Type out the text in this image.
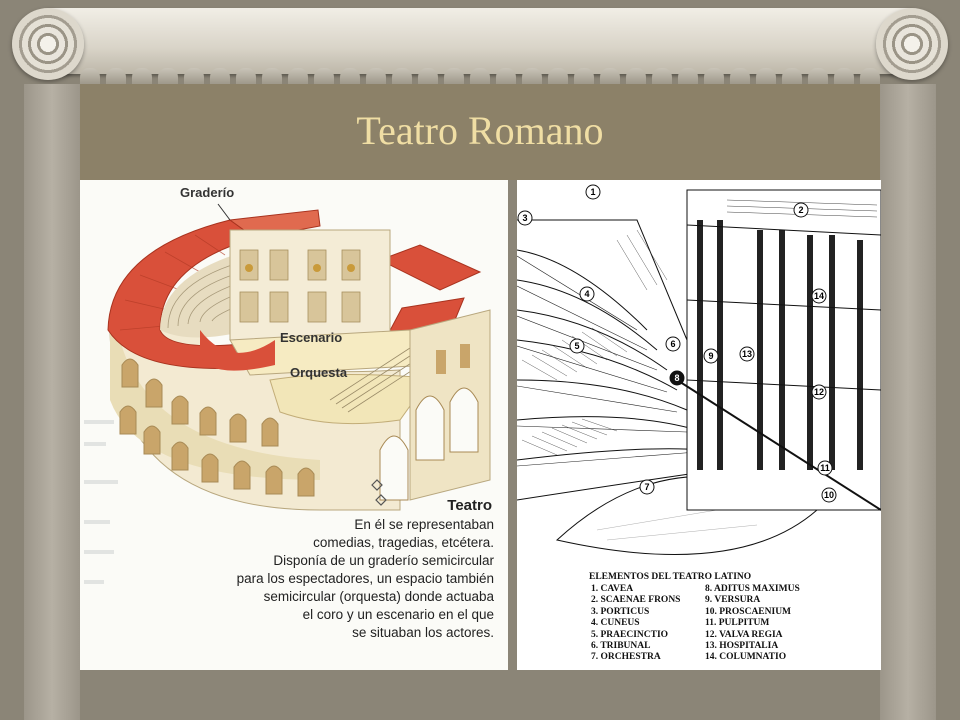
Teatro Romano
Graderío
Escenario
Orquesta
Teatro
En él se representaban
comedias, tragedias, etcétera.
Disponía de un graderío semicircular
para los espectadores, un espacio también
semicircular (orquesta) donde actuaba
el coro y un escenario en el que
se situaban los actores.
1
2
3
4
5	6
7
8
9
10
11
12
13
14
ELEMENTOS DEL TEATRO LATINO
1. CAVEA
2. SCAENAE FRONS
3. PORTICUS
4. CUNEUS
5. PRAECINCTIO
6. TRIBUNAL
7. ORCHESTRA
8. ADITUS MAXIMUS
9. VERSURA
10. PROSCAENIUM
11. PULPITUM
12. VALVA REGIA
13. HOSPITALIA
14. COLUMNATIO
